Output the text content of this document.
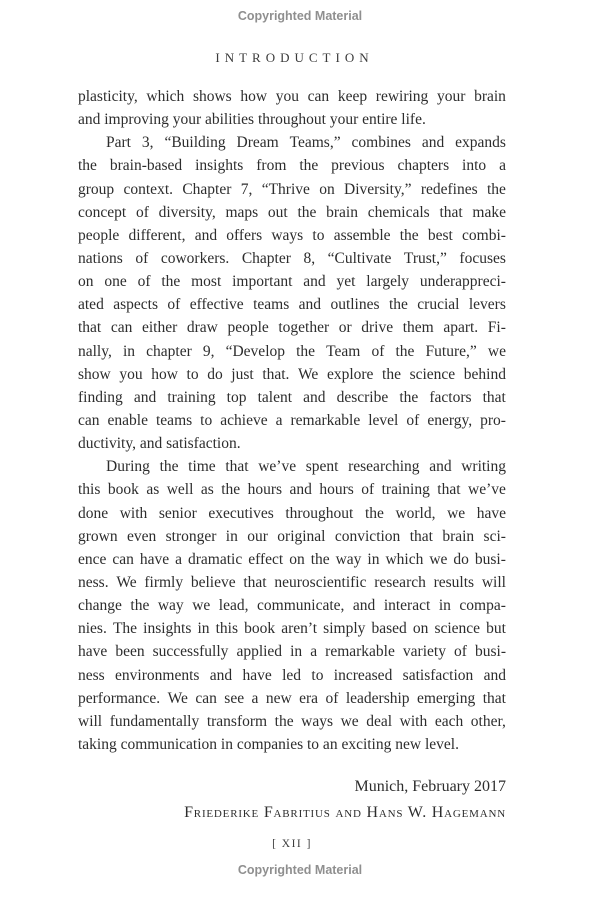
Copyrighted Material
INTRODUCTION
plasticity, which shows how you can keep rewiring your brain
and improving your abilities throughout your entire life.
Part 3, “Building Dream Teams,” combines and expands
the brain-based insights from the previous chapters into a
group context. Chapter 7, “Thrive on Diversity,” redefines the
concept of diversity, maps out the brain chemicals that make
people different, and offers ways to assemble the best combi-
nations of coworkers. Chapter 8, “Cultivate Trust,” focuses
on one of the most important and yet largely underappreci-
ated aspects of effective teams and outlines the crucial levers
that can either draw people together or drive them apart. Fi-
nally, in chapter 9, “Develop the Team of the Future,” we
show you how to do just that. We explore the science behind
finding and training top talent and describe the factors that
can enable teams to achieve a remarkable level of energy, pro-
ductivity, and satisfaction.
During the time that we’ve spent researching and writing
this book as well as the hours and hours of training that we’ve
done with senior executives throughout the world, we have
grown even stronger in our original conviction that brain sci-
ence can have a dramatic effect on the way in which we do busi-
ness. We firmly believe that neuroscientific research results will
change the way we lead, communicate, and interact in compa-
nies. The insights in this book aren’t simply based on science but
have been successfully applied in a remarkable variety of busi-
ness environments and have led to increased satisfaction and
performance. We can see a new era of leadership emerging that
will fundamentally transform the ways we deal with each other,
taking communication in companies to an exciting new level.
Munich, February 2017
Friederike Fabritius and Hans W. Hagemann
[ XII ]
Copyrighted Material
